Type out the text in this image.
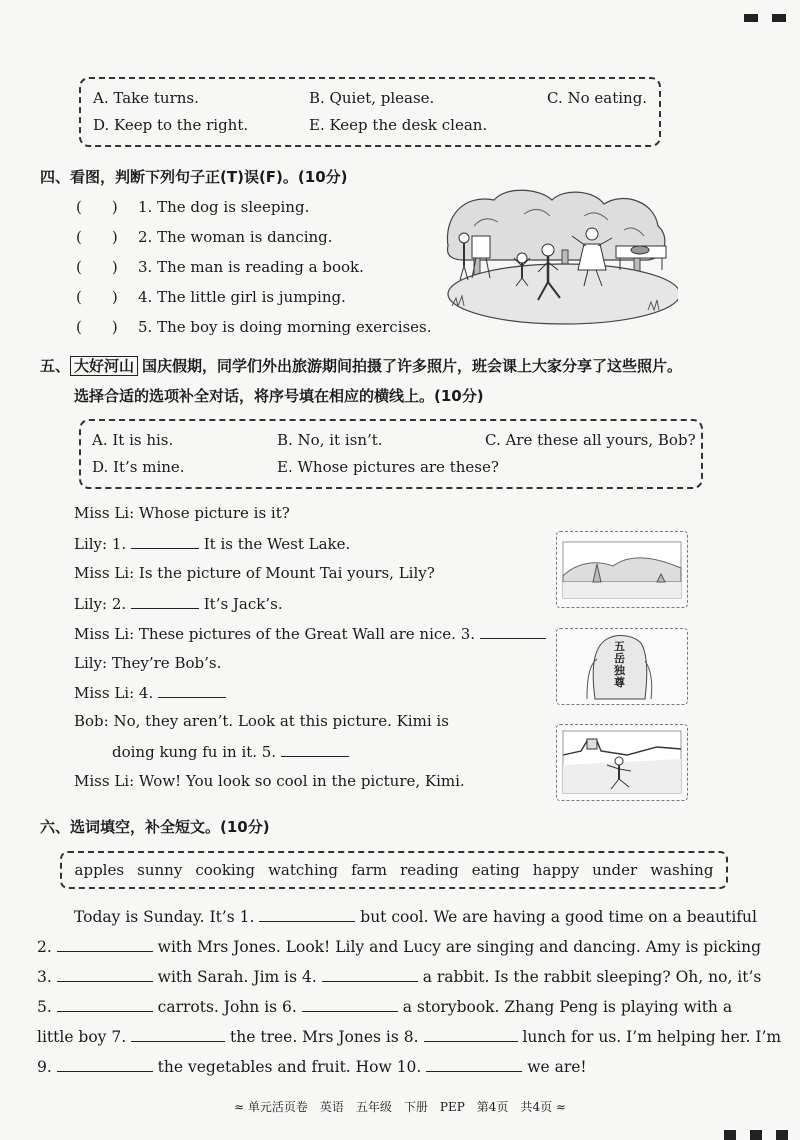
A. Take turns.	B. Quiet, please.	C. No eating.
D. Keep to the right.	E. Keep the desk clean.
四、看图，判断下列句子正(T)误(F)。(10分)
(　　) 1. The dog is sleeping.
(　　) 2. The woman is dancing.
(　　) 3. The man is reading a book.
(　　) 4. The little girl is jumping.
(　　) 5. The boy is doing morning exercises.
五、 大好河山 国庆假期，同学们外出旅游期间拍摄了许多照片，班会课上大家分享了这些照片。
选择合适的选项补全对话，将序号填在相应的横线上。(10分)
A. It is his.	B. No, it isn’t.	C. Are these all yours, Bob?
D. It’s mine.	E. Whose pictures are these?
Miss Li: Whose picture is it?
Lily: 1.	It is the West Lake.
Miss Li: Is the picture of Mount Tai yours, Lily?
Lily: 2.	It’s Jack’s.
Miss Li: These pictures of the Great Wall are nice. 3.
Lily: They’re Bob’s.
Miss Li: 4.
Bob: No, they aren’t. Look at this picture. Kimi is
doing kung fu in it. 5.
Miss Li: Wow! You look so cool in the picture, Kimi.
五岳独尊
六、选词填空，补全短文。(10分)
apples sunny cooking watching farm reading eating happy under washing
Today is Sunday. It’s 1.	but cool. We are having a good time on a beautiful
2.	with Mrs Jones. Look! Lily and Lucy are singing and dancing. Amy is picking
3.	with Sarah. Jim is 4.	a rabbit. Is the rabbit sleeping? Oh, no, it’s
5.	carrots. John is 6.	a storybook. Zhang Peng is playing with a
little boy 7.	the tree. Mrs Jones is 8.	lunch for us. I’m helping her. I’m
9.	the vegetables and fruit. How 10.	we are!
≈ 单元活页卷　英语　五年级　下册　PEP　第4页　共4页 ≈
